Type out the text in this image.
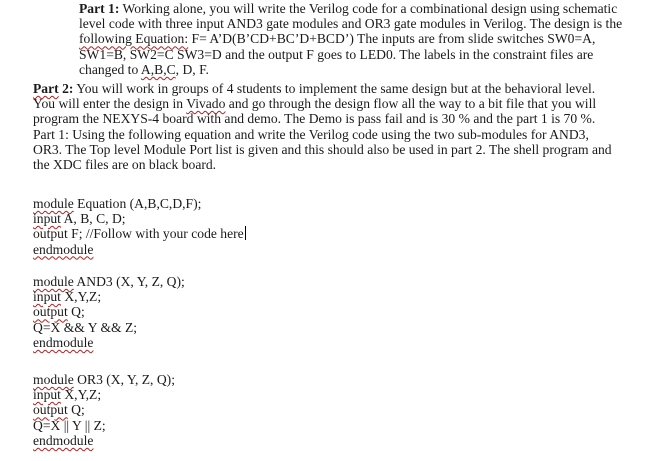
Part 1: Working alone, you will write the Verilog code for a combinational design using schematic
level code with three input AND3 gate modules and OR3 gate modules in Verilog. The design is the
following Equation: F= A’D(B’CD+BC’D+BCD’) The inputs are from slide switches SW0=A,
SW1=B, SW2=C SW3=D and the output F goes to LED0. The labels in the constraint files are
changed to A,B,C, D, F.
Part 2: You will work in groups of 4 students to implement the same design but at the behavioral level.
You will enter the design in Vivado and go through the design flow all the way to a bit file that you will
program the NEXYS-4 board with and demo. The Demo is pass fail and is 30 % and the part 1 is 70 %.
Part 1: Using the following equation and write the Verilog code using the two sub-modules for AND3,
OR3. The Top level Module Port list is given and this should also be used in part 2. The shell program and
the XDC files are on black board.
module Equation (A,B,C,D,F);
input A, B, C, D;
output F; //Follow with your code here
endmodule
module AND3 (X, Y, Z, Q);
input X,Y,Z;
output Q;
Q=X && Y && Z;
endmodule
module OR3 (X, Y, Z, Q);
input X,Y,Z;
output Q;
Q=X || Y || Z;
endmodule
